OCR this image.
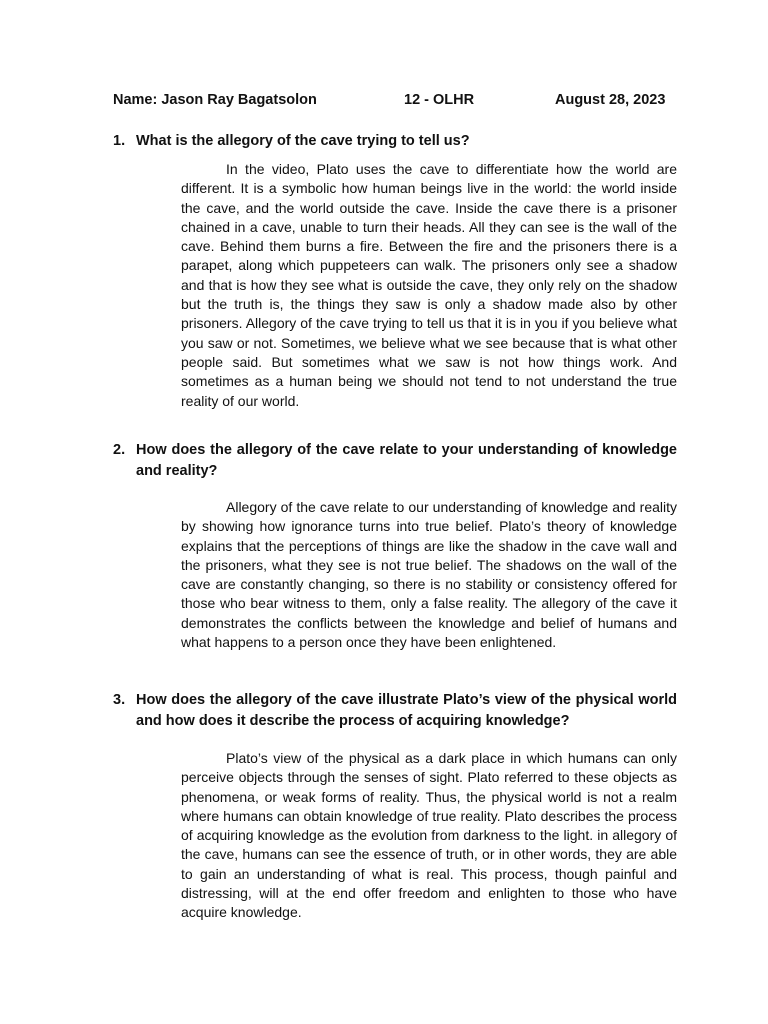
Name: Jason Ray Bagatsolon	12 - OLHR	August 28, 2023
1. What is the allegory of the cave trying to tell us?

In the video, Plato uses the cave to differentiate how the world are different. It is a symbolic how human beings live in the world: the world inside the cave, and the world outside the cave. Inside the cave there is a prisoner chained in a cave, unable to turn their heads. All they can see is the wall of the cave. Behind them burns a fire. Between the fire and the prisoners there is a parapet, along which puppeteers can walk. The prisoners only see a shadow and that is how they see what is outside the cave, they only rely on the shadow but the truth is, the things they saw is only a shadow made also by other prisoners. Allegory of the cave trying to tell us that it is in you if you believe what you saw or not. Sometimes, we believe what we see because that is what other people said. But sometimes what we saw is not how things work. And sometimes as a human being we should not tend to not understand the true reality of our world.

2. How does the allegory of the cave relate to your understanding of knowledge and reality?

Allegory of the cave relate to our understanding of knowledge and reality by showing how ignorance turns into true belief. Plato’s theory of knowledge explains that the perceptions of things are like the shadow in the cave wall and the prisoners, what they see is not true belief. The shadows on the wall of the cave are constantly changing, so there is no stability or consistency offered for those who bear witness to them, only a false reality. The allegory of the cave it demonstrates the conflicts between the knowledge and belief of humans and what happens to a person once they have been enlightened.

3. How does the allegory of the cave illustrate Plato’s view of the physical world and how does it describe the process of acquiring knowledge?

Plato’s view of the physical as a dark place in which humans can only perceive objects through the senses of sight. Plato referred to these objects as phenomena, or weak forms of reality. Thus, the physical world is not a realm where humans can obtain knowledge of true reality. Plato describes the process of acquiring knowledge as the evolution from darkness to the light. in allegory of the cave, humans can see the essence of truth, or in other words, they are able to gain an understanding of what is real. This process, though painful and distressing, will at the end offer freedom and enlighten to those who have acquire knowledge.
